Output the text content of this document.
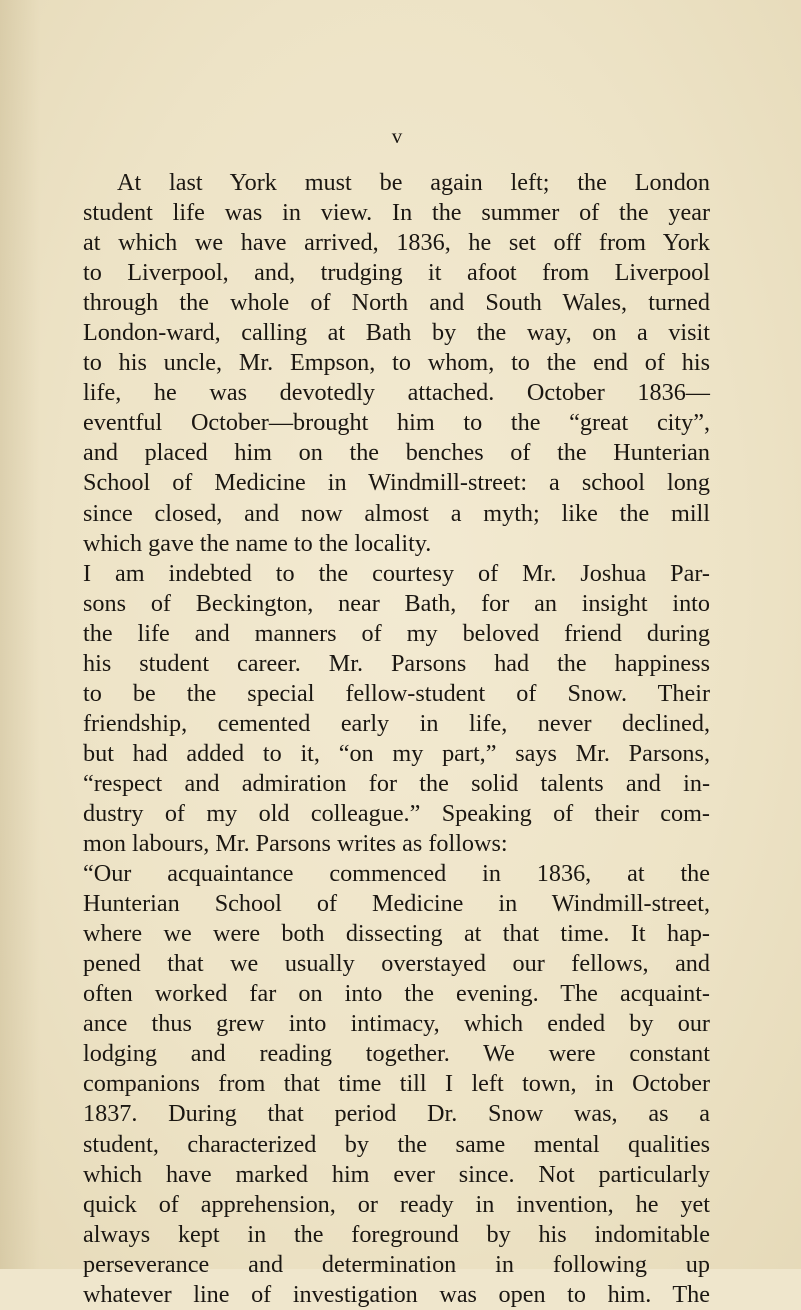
v
At last York must be again left; the London
student life was in view. In the summer of the year
at which we have arrived, 1836, he set off from York
to Liverpool, and, trudging it afoot from Liverpool
through the whole of North and South Wales, turned
London-ward, calling at Bath by the way, on a visit
to his uncle, Mr. Empson, to whom, to the end of his
life, he was devotedly attached. October 1836—
eventful October—brought him to the “great city”,
and placed him on the benches of the Hunterian
School of Medicine in Windmill-street: a school long
since closed, and now almost a myth; like the mill
which gave the name to the locality.
I am indebted to the courtesy of Mr. Joshua Par-
sons of Beckington, near Bath, for an insight into
the life and manners of my beloved friend during
his student career. Mr. Parsons had the happiness
to be the special fellow-student of Snow. Their
friendship, cemented early in life, never declined,
but had added to it, “on my part,” says Mr. Parsons,
“respect and admiration for the solid talents and in-
dustry of my old colleague.” Speaking of their com-
mon labours, Mr. Parsons writes as follows:
“Our acquaintance commenced in 1836, at the
Hunterian School of Medicine in Windmill-street,
where we were both dissecting at that time. It hap-
pened that we usually overstayed our fellows, and
often worked far on into the evening. The acquaint-
ance thus grew into intimacy, which ended by our
lodging and reading together. We were constant
companions from that time till I left town, in October
1837. During that period Dr. Snow was, as a
student, characterized by the same mental qualities
which have marked him ever since. Not particularly
quick of apprehension, or ready in invention, he yet
always kept in the foreground by his indomitable
perseverance and determination in following up
whatever line of investigation was open to him. The
